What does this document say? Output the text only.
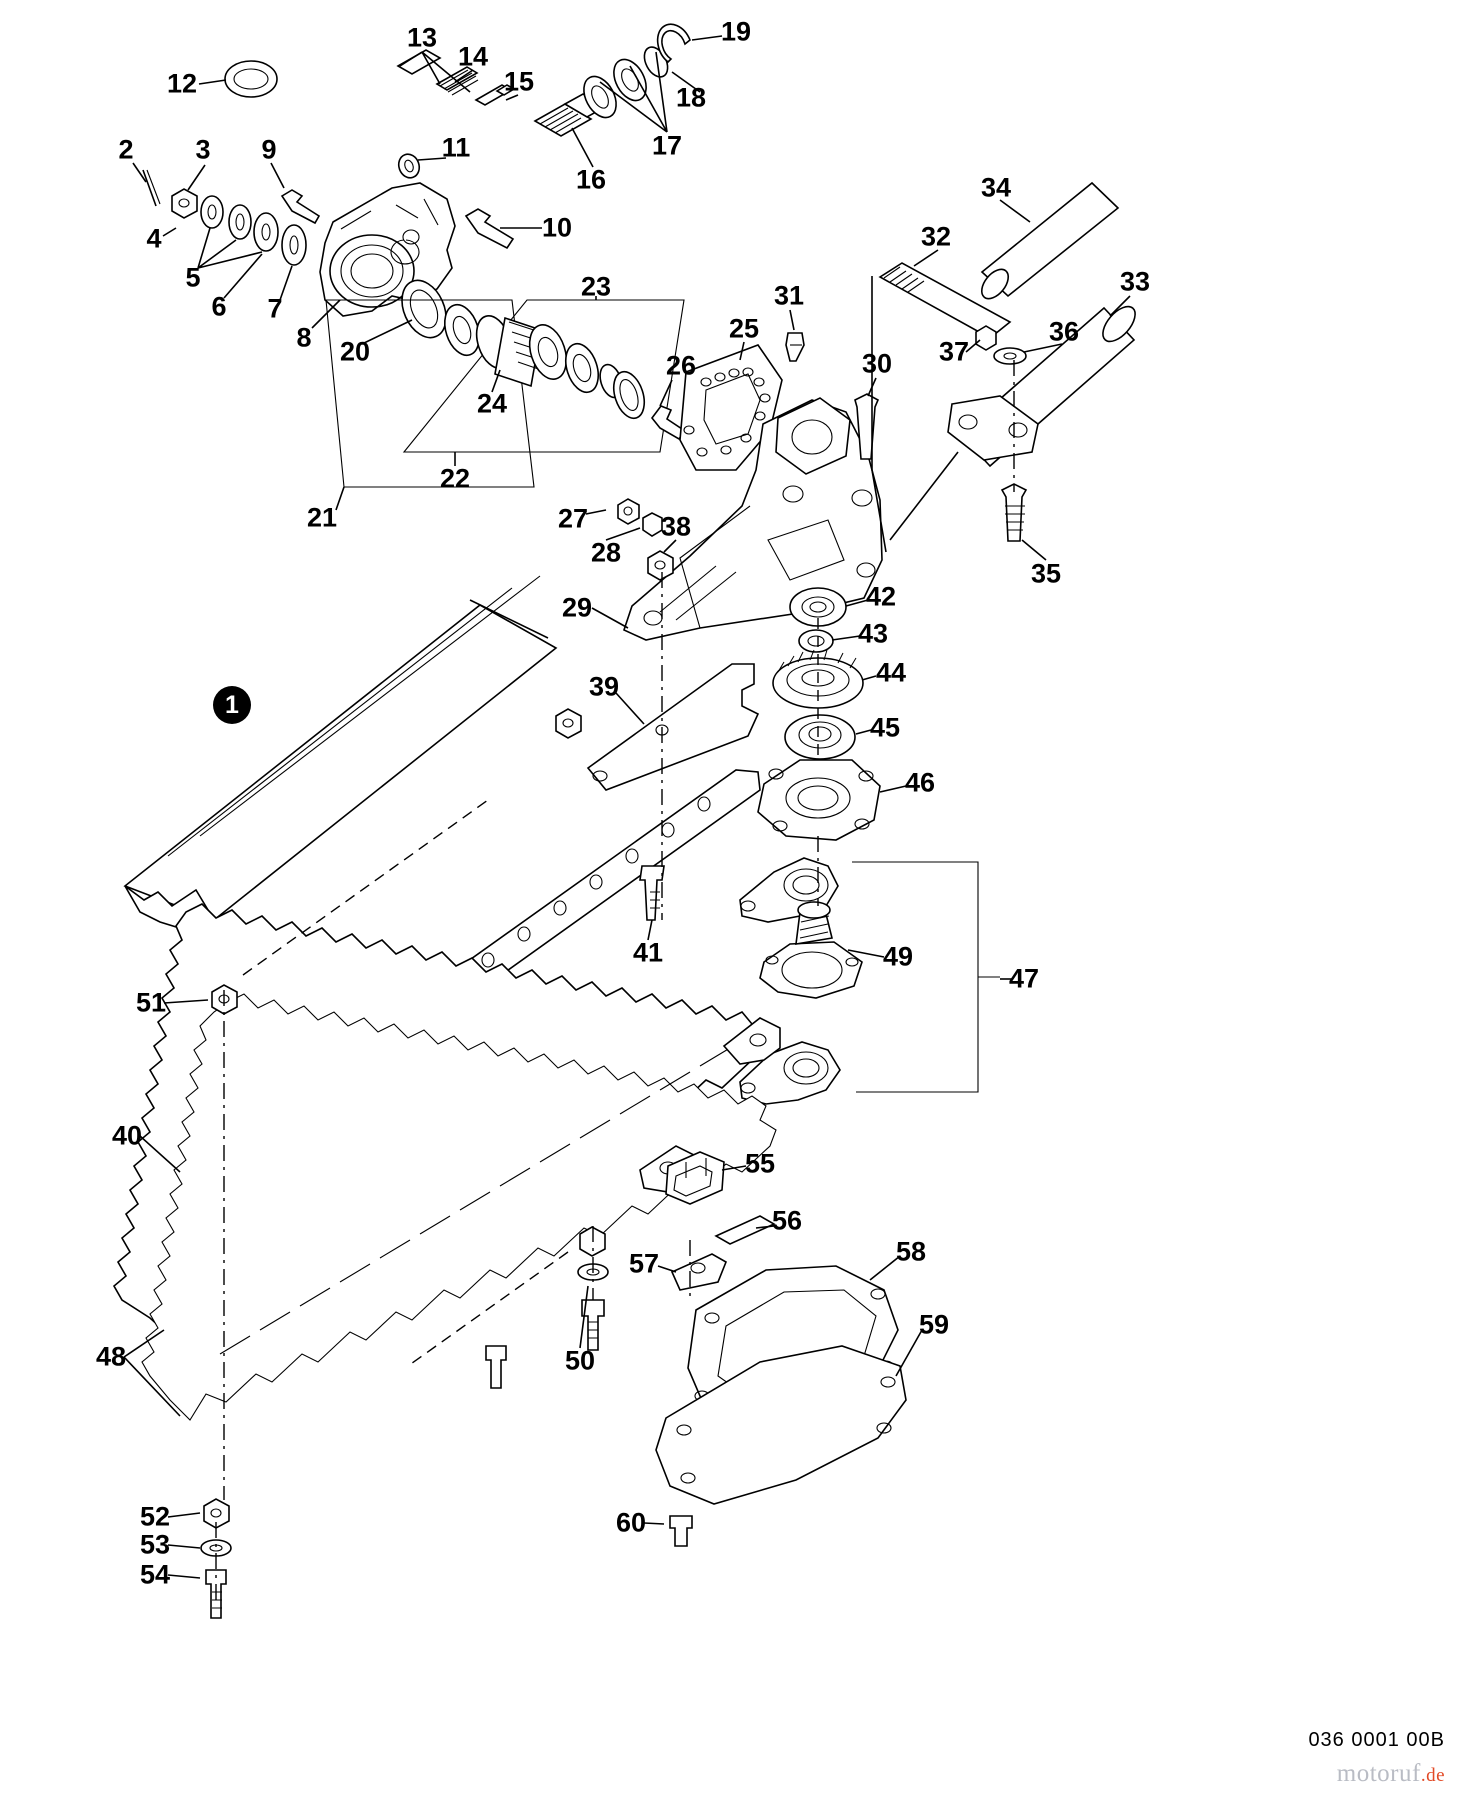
1
2 3
4
5
6 7
8
9
10
11
12
13
14
15
16
17
18
19
20
21
22
23
24
25
26
27
28
29
30
31
32
33
34
35
36
37
38
39
40
41
42
43
44
45
46
47
48
49
50
51
52
53
54
55
56
57	58
59
60
036 0001 00B
motoruf.de
